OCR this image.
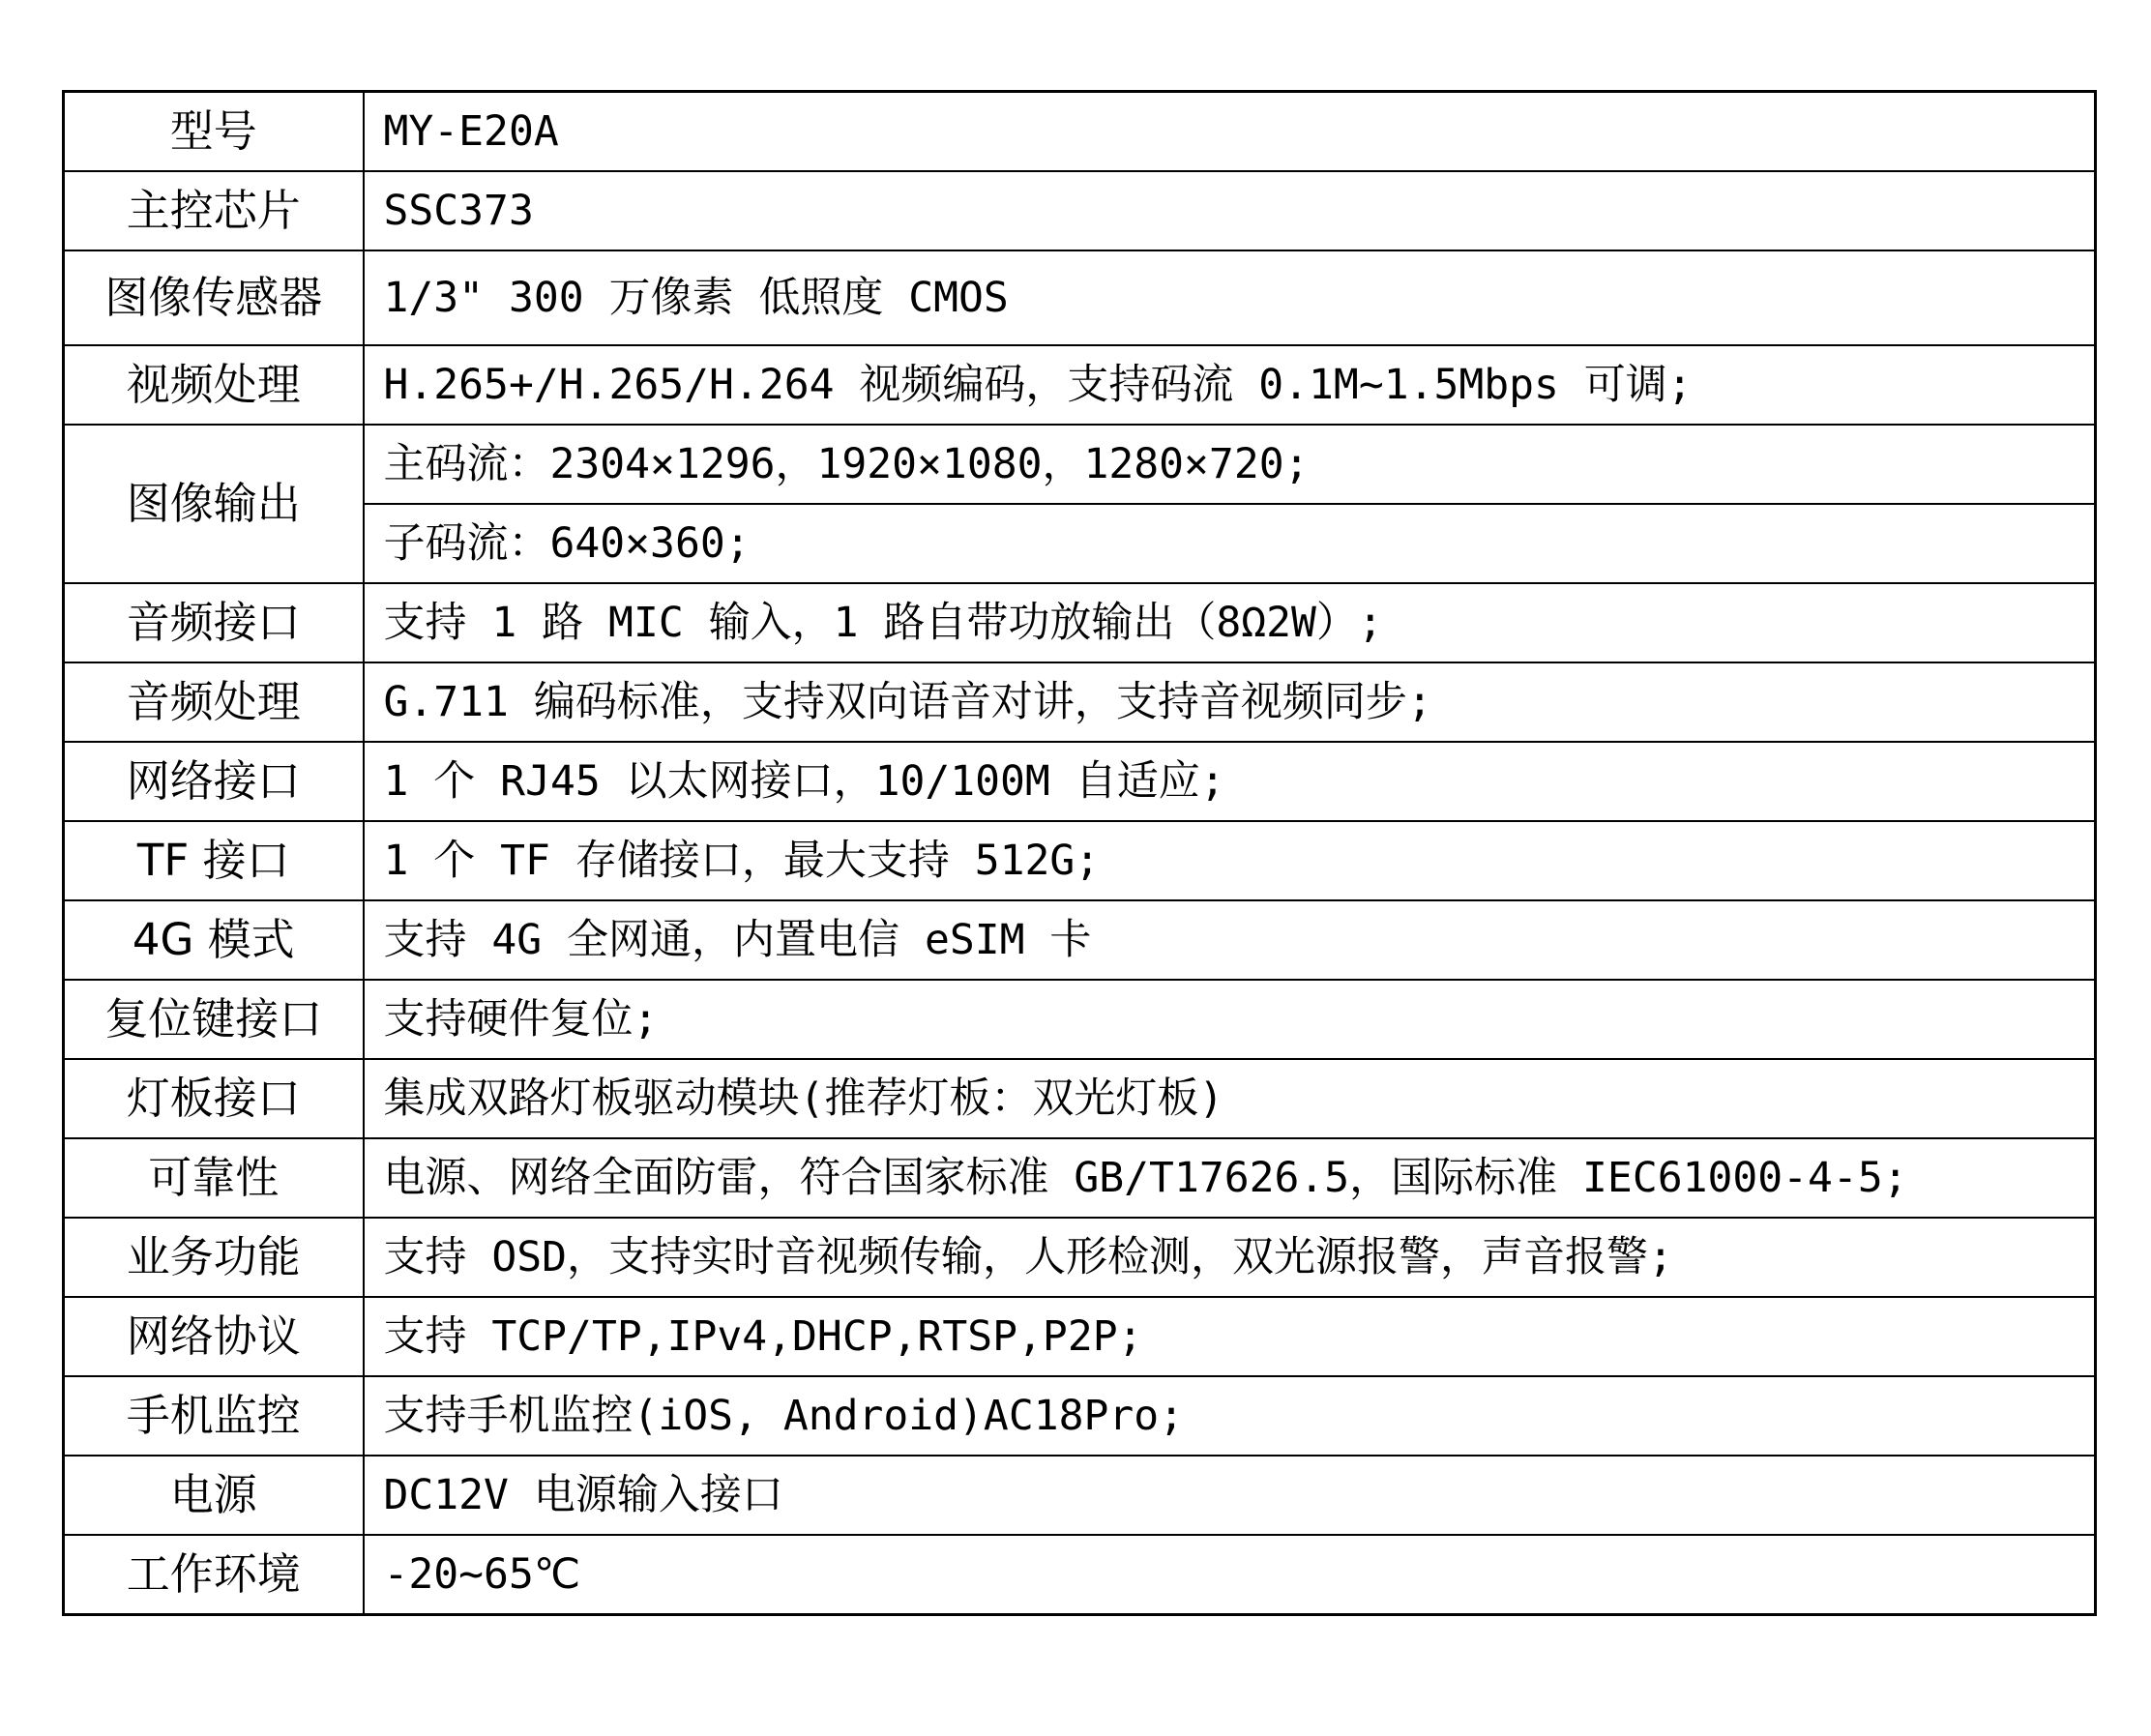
型号	MY-E20A
主控芯片	SSC373
图像传感器	1/3" 300 万像素 低照度 CMOS
视频处理	H.265+/H.265/H.264 视频编码，支持码流 0.1M~1.5Mbps 可调;
图像输出	主码流：2304×1296，1920×1080，1280×720;
	子码流：640×360;
音频接口	支持 1 路 MIC 输入，1 路自带功放输出（8Ω2W）;
音频处理	G.711 编码标准，支持双向语音对讲，支持音视频同步;
网络接口	1 个 RJ45 以太网接口，10/100M 自适应;
TF 接口	1 个 TF 存储接口，最大支持 512G;
4G 模式	支持 4G 全网通，内置电信 eSIM 卡
复位键接口	支持硬件复位;
灯板接口	集成双路灯板驱动模块(推荐灯板：双光灯板)
可靠性	电源、网络全面防雷，符合国家标准 GB/T17626.5，国际标准 IEC61000-4-5;
业务功能	支持 OSD，支持实时音视频传输，人形检测，双光源报警，声音报警;
网络协议	支持 TCP/TP,IPv4,DHCP,RTSP,P2P;
手机监控	支持手机监控(iOS, Android)AC18Pro;
电源	DC12V 电源输入接口
工作环境	-20~65℃
